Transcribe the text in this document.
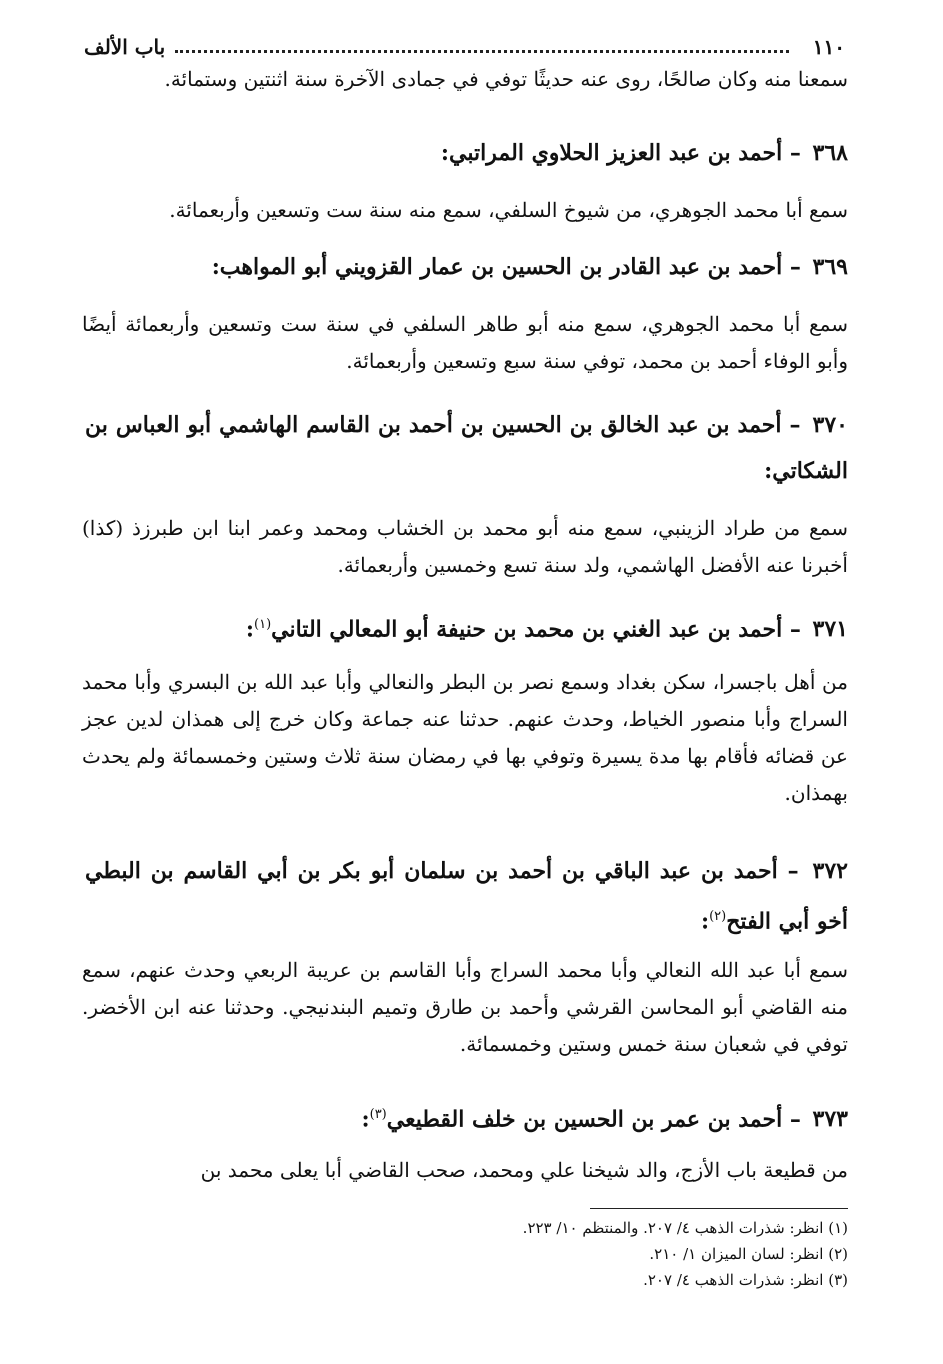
١١٠
باب الألف
سمعنا منه وكان صالحًا، روى عنه حديثًا توفي في جمادى الآخرة سنة اثنتين وستمائة.
٣٦٨ – أحمد بن عبد العزيز الحلاوي المراتبي:
سمع أبا محمد الجوهري، من شيوخ السلفي، سمع منه سنة ست وتسعين وأربعمائة.
٣٦٩ – أحمد بن عبد القادر بن الحسين بن عمار القزويني أبو المواهب:
سمع أبا محمد الجوهري، سمع منه أبو طاهر السلفي في سنة ست وتسعين وأربعمائة أيضًا وأبو الوفاء أحمد بن محمد، توفي سنة سبع وتسعين وأربعمائة.
٣٧٠ – أحمد بن عبد الخالق بن الحسين بن أحمد بن القاسم الهاشمي أبو العباس بن الشكاتي:
سمع من طراد الزينبي، سمع منه أبو محمد بن الخشاب ومحمد وعمر ابنا ابن طبرزذ (كذا) أخبرنا عنه الأفضل الهاشمي، ولد سنة تسع وخمسين وأربعمائة.
٣٧١ – أحمد بن عبد الغني بن محمد بن حنيفة أبو المعالي التاني$^{(١)}$:
من أهل باجسرا، سكن بغداد وسمع نصر بن البطر والنعالي وأبا عبد الله بن البسري وأبا محمد السراج وأبا منصور الخياط، وحدث عنهم. حدثنا عنه جماعة وكان خرج إلى همذان لدين عجز عن قضائه فأقام بها مدة يسيرة وتوفي بها في رمضان سنة ثلاث وستين وخمسمائة ولم يحدث بهمذان.
٣٧٢ – أحمد بن عبد الباقي بن أحمد بن سلمان أبو بكر بن أبي القاسم بن البطي أخو أبي الفتح$^{(٢)}$:
سمع أبا عبد الله النعالي وأبا محمد السراج وأبا القاسم بن عريبة الربعي وحدث عنهم، سمع منه القاضي أبو المحاسن القرشي وأحمد بن طارق وتميم البندنيجي. وحدثنا عنه ابن الأخضر. توفي في شعبان سنة خمس وستين وخمسمائة.
٣٧٣ – أحمد بن عمر بن الحسين بن خلف القطيعي$^{(٣)}$:
من قطيعة باب الأزج، والد شيخنا علي ومحمد، صحب القاضي أبا يعلى محمد بن
(١) انظر: شذرات الذهب ٤/ ٢٠٧. والمنتظم ١٠/ ٢٢٣.
(٢) انظر: لسان الميزان ١/ ٢١٠.
(٣) انظر: شذرات الذهب ٤/ ٢٠٧.
